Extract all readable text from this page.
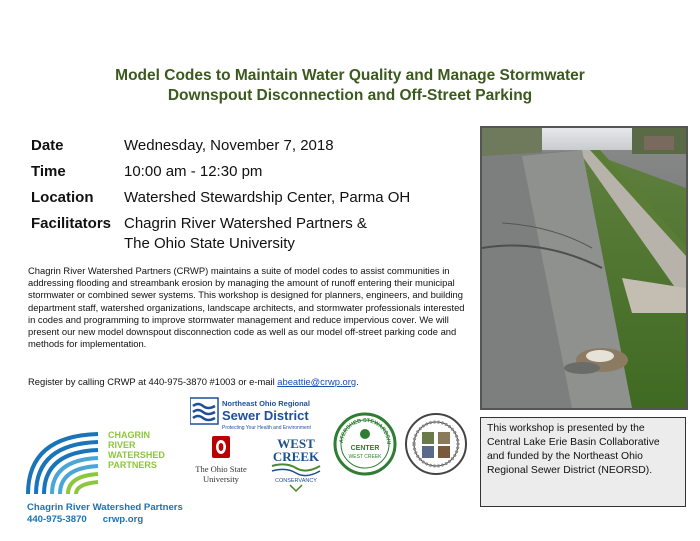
Model Codes to Maintain Water Quality and Manage Stormwater
Downspout Disconnection and Off-Street Parking
Date	Wednesday, November 7, 2018
Time	10:00 am - 12:30 pm
Location Watershed Stewardship Center, Parma OH
Facilitators Chagrin River Watershed Partners &
The Ohio State University
Chagrin River Watershed Partners (CRWP) maintains a suite of model codes to assist communities in addressing flooding and streambank erosion by managing the amount of runoff entering their municipal stormwater or combined sewer systems. This workshop is designed for planners, engineers, and building department staff, watershed organizations, landscape architects, and stormwater professionals interested in codes and programming to improve stormwater management and reduce impervious cover. We will present our new model downspout disconnection code as well as our model off-street parking code and methods for implementation.
Register by calling CRWP at 440-975-3870 #1003 or e-mail abeattie@crwp.org.
This workshop is presented by the Central Lake Erie Basin Collaborative and funded by the Northeast Ohio Regional Sewer District (NEORSD).
CHAGRIN
RIVER
WATERSHED
PARTNERS
Chagrin River Watershed Partners
440-975-3870 crwp.org
Northeast Ohio Regional
Sewer District
Protecting Your Health and Environment
The Ohio State
University
WEST
CREEK
CONSERVANCY
ATERSHED STEWARDSHI
CENTER
WEST CREEK
